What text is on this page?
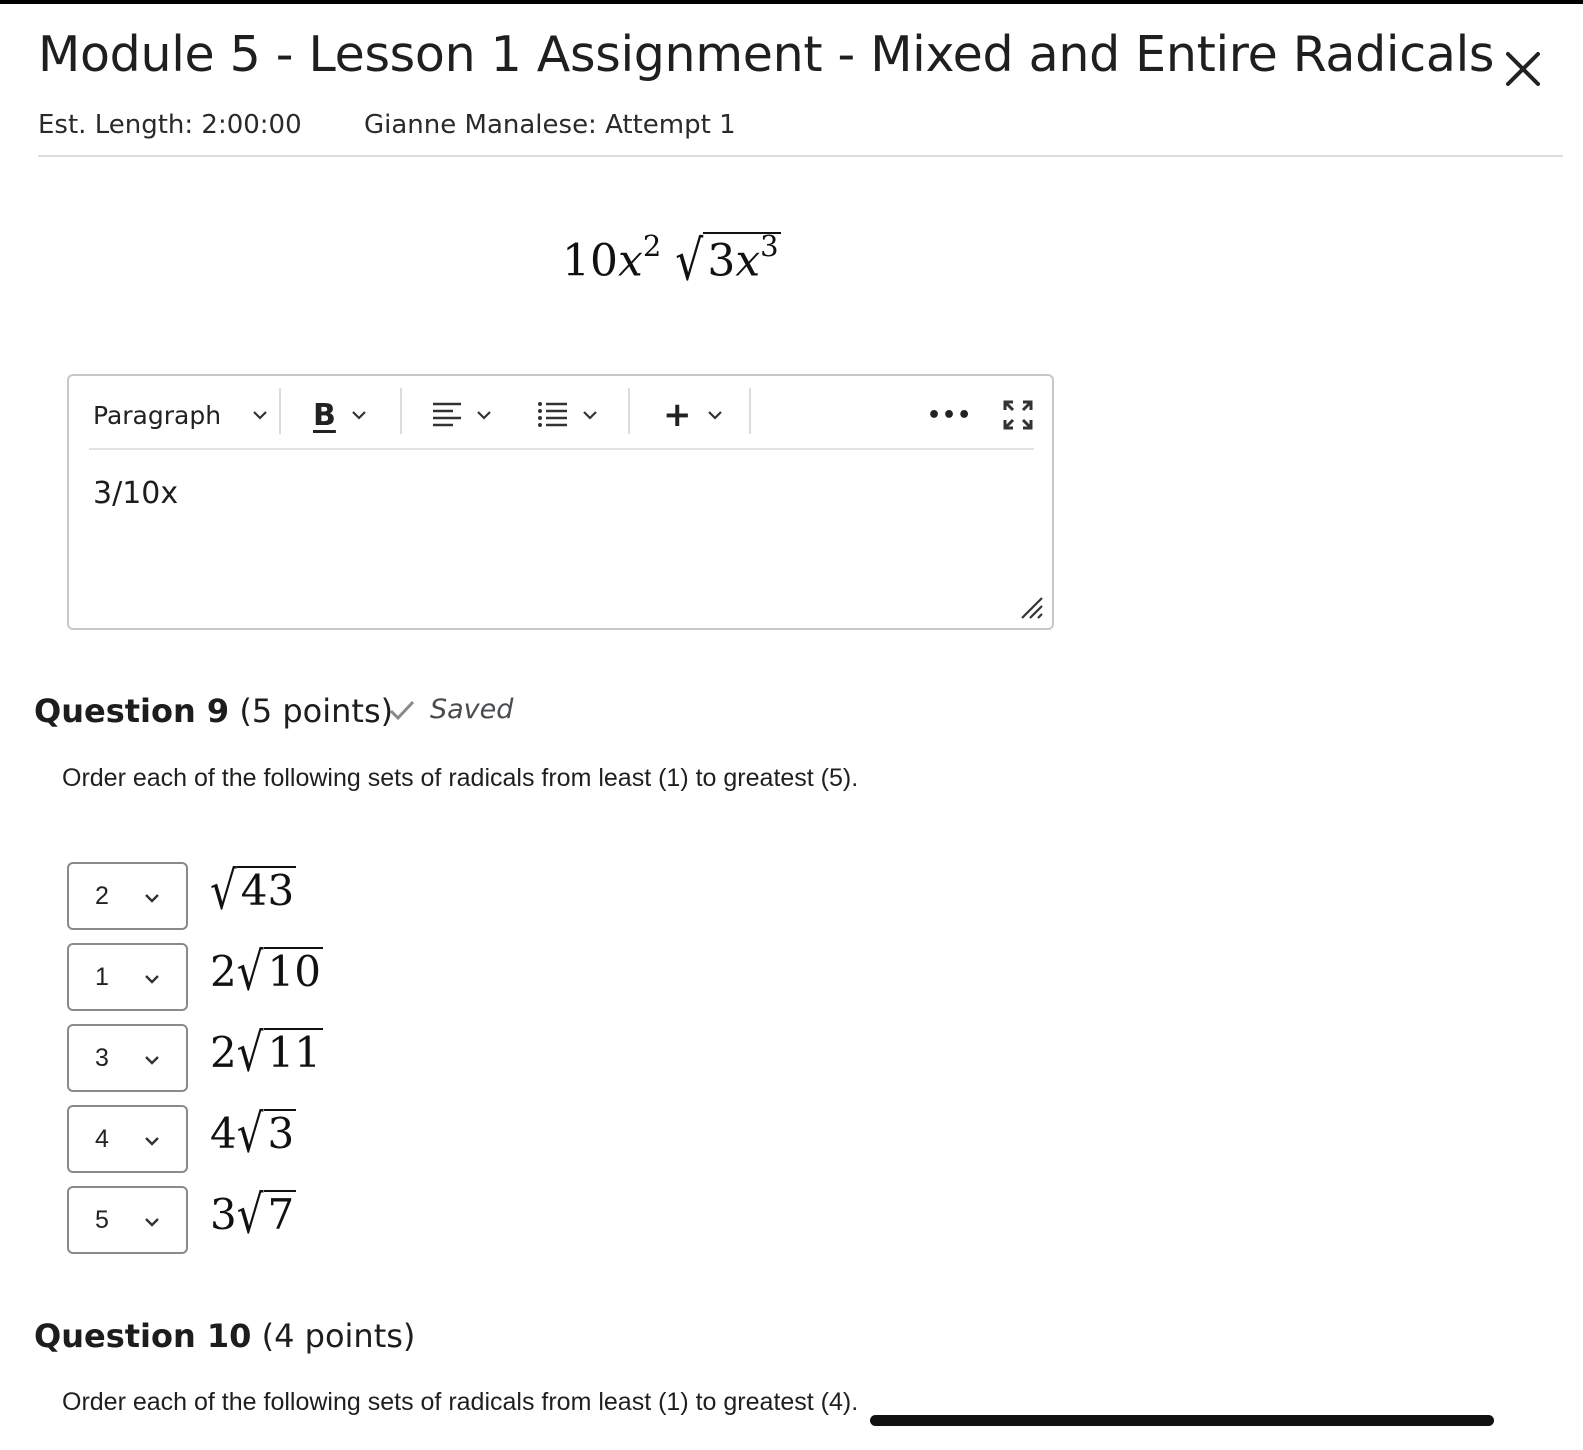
Module 5 - Lesson 1 Assignment - Mixed and Entire Radicals
Est. Length: 2:00:00 Gianne Manalese: Attempt 1
$10x^2$ $√3x^3$
Paragraph	B	+	•••
3/10x
Question 9 (5 points) Saved
Order each of the following sets of radicals from least (1) to greatest (5).
2 √43
1 2√10
3 2√11
4 4√3
5 3√7
Question 10 (4 points)
Order each of the following sets of radicals from least (1) to greatest (4).
